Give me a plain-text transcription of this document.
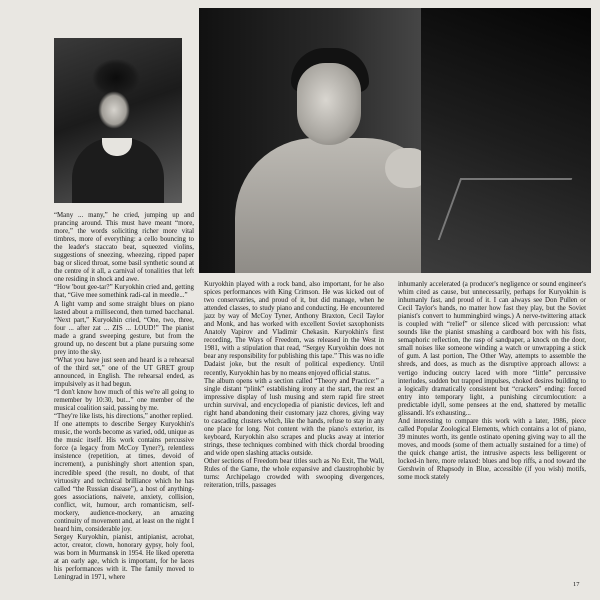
“Many ... many,” he cried, jumping up and prancing around. This must have meant “more, more,” the words soliciting richer more vital timbres, more of everything: a cello bouncing to the leader's staccato beat, squeezed violins, suggestions of sneezing, wheezing, ripped paper bag or sliced throat, some basil synthetic sound at the centre of it all, a carnival of tonalities that left one residing in shock and awe.
“How 'bout gee-tar?” Kuryokhin cried and, getting that, “Give mee somethink radi-cal in meedle...”
A light vamp and some straight blues on piano lasted about a millisecond, then turned bacchanal. “Next part,” Kuryokhin cried, “One, two, three, four ... after zat ... ZIS ... LOUD!” The pianist made a grand sweeping gesture, but from the ground up, no descent but a plane pursuing some prey into the sky.
“What you have just seen and heard is a rehearsal of the third set,” one of the UT GRET group announced, in English. The rehearsal ended, as impulsively as it had begun.
“I don't know how much of this we're all going to remember by 10:30, but...” one member of the musical coalition said, passing by me.
“They're like lists, his directions,” another replied.
If one attempts to describe Sergey Kuryokhin's music, the words become as varied, odd, unique as the music itself. His work contains percussive force (a legacy from McCoy Tyner?), relentless insistence (repetition, at times, devoid of increment), a punishingly short attention span, incredible speed (the result, no doubt, of that virtuosity and technical brilliance which he has called “the Russian disease”), a host of anything-goes associations, naivete, anxiety, collision, conflict, wit, humour, arch romanticism, self-mockery, audience-mockery, an amazing continuity of movement and, at least on the night I heard him, considerable joy.
Sergey Kuryokhin, pianist, antipianist, acrobat, actor, creator, clown, honorary gypsy, holy fool, was born in Murmansk in 1954. He liked operetta at an early age, which is important, for he laces his performances with it. The family moved to Leningrad in 1971, where
Kuryokhin played with a rock band, also important, for he also spices performances with King Crimson. He was kicked out of two conservatries, and proud of it, but did manage, when he attended classes, to study piano and conducting. He encountered jazz by way of McCoy Tyner, Anthony Braxton, Cecil Taylor and Monk, and has worked with excellent Soviet saxophonists Anatoly Vapirov and Vladimir Chekasin. Kuryokhin's first recording, The Ways of Freedom, was released in the West in 1981, with a stipulation that read, “Sergey Kuryokhin does not bear any responsibility for publishing this tape.” This was no idle Dadaist joke, but the result of political expediency. Until recently, Kuryokhin has by no means enjoyed official status.
The album opens with a section called “Theory and Practice:” a single distant “plink” establishing irony at the start, the rest an impressive display of lush musing and stern rapid fire street urchin survival, and encyclopedia of pianistic devices, left and right hand abandoning their customary jazz chores, giving way to cascading clusters which, like the hands, refuse to stay in any one place for long. Not content with the piano's exterior, its keyboard, Kuryokhin also scrapes and plucks away at interior strings, these techniques combined with thick chordal brooding and wide open slashing attacks outside.
Other sections of Freedom bear titles such as No Exit, The Wall, Rules of the Game, the whole expansive and claustrophobic by turns: Archipelago crowded with swooping divergences, reiteration, trills, passages
inhumanly accelerated (a producer's negligence or sound engineer's whim cited as cause, but unnecessarily, perhaps for Kuryokhin is inhumanly fast, and proud of it. I can always see Don Pullen or Cecil Taylor's hands, no matter how fast they play, but the Soviet pianist's convert to hummingbird wings.) A nerve-twittering attack is coupled with “relief” or silence sliced with percussion: what sounds like the pianist smashing a cardboard box with his fists, semaphoric reflection, the rasp of sandpaper, a knock on the door, small noises like someone winding a watch or unwrapping a stick of gum. A last portion, The Other Way, attempts to assemble the shreds, and does, as much as the disruptive approach allows: a vertigo inducing outcry laced with more “little” percussive interludes, sudden but trapped impulses, choked desires building to a logically dramatically consistent but “crackers” ending: forced entry into temporary light, a punishing circumlocution: a predictable idyll, some pensees at the end, shattered by metallic glissandi. It's exhausting...
And interesting to compare this work with a later, 1986, piece called Popular Zoological Elements, which contains a lot of piano, 39 minutes worth, its gentle ostinato opening giving way to all the moves, and moods (some of them actually sustained for a time) of the quick change artist, the intrusive aspects less belligerent or locked-in here, more relaxed: blues and bop riffs, a nod toward the Gershwin of Rhapsody in Blue, accessible (if you wish) motifs, some mock stately
17
